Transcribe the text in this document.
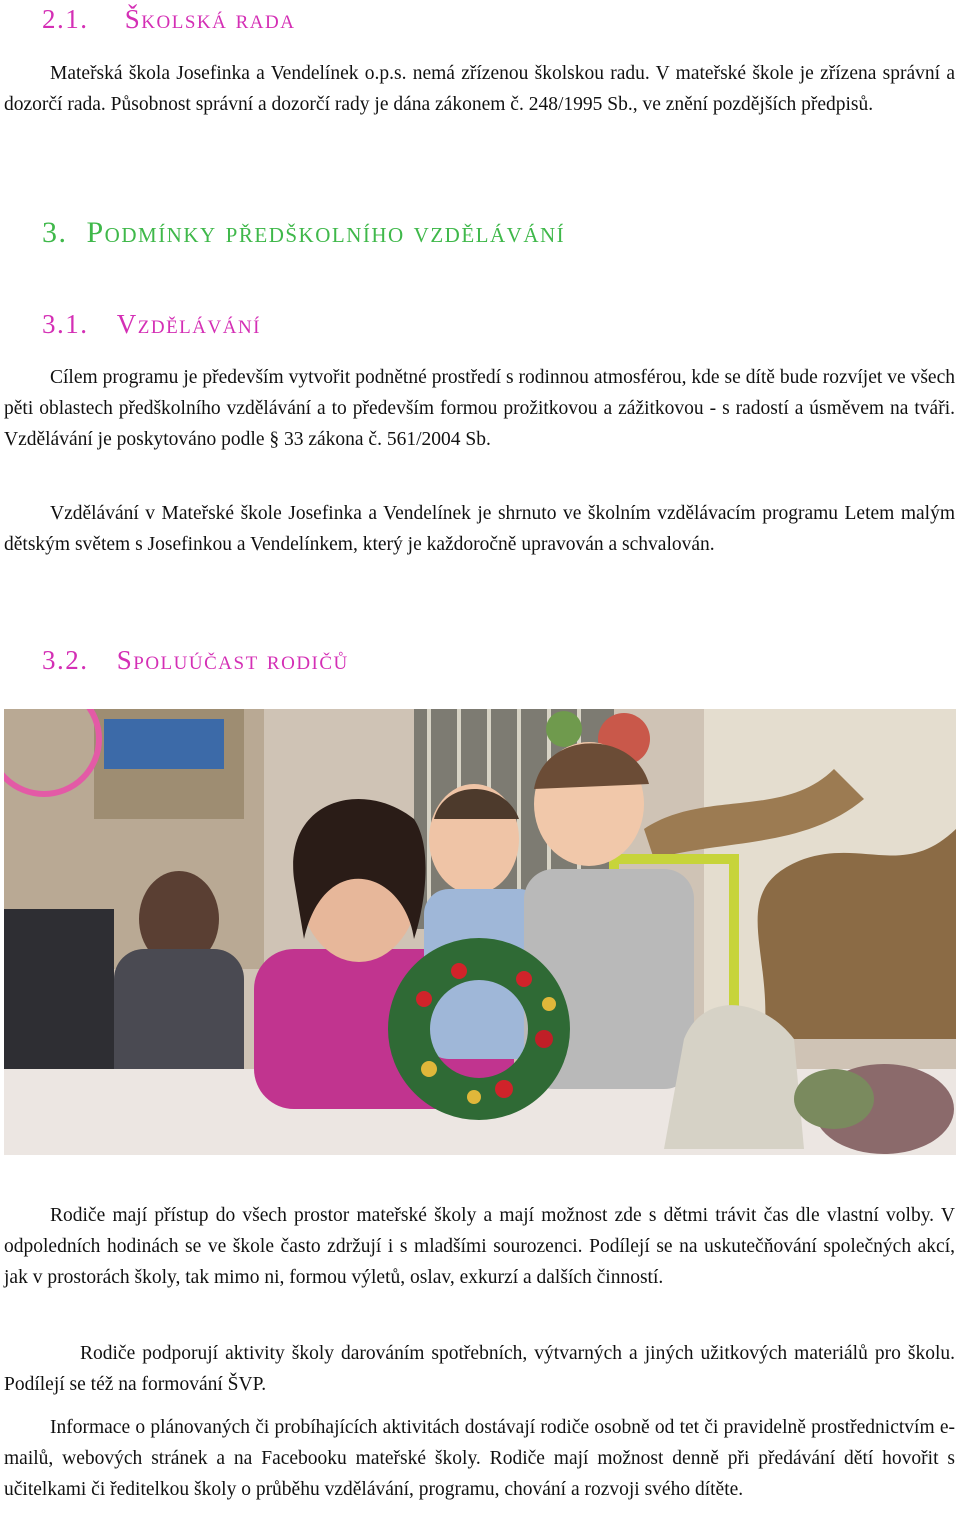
2.1. Školská rada

Mateřská škola Josefinka a Vendelínek o.p.s. nemá zřízenou školskou radu. V mateřské škole je zřízena správní a dozorčí rada. Působnost správní a dozorčí rady je dána zákonem č. 248/1995 Sb., ve znění pozdějších předpisů.

3. Podmínky předškolního vzdělávání
3.1. Vzdělávání

Cílem programu je především vytvořit podnětné prostředí s rodinnou atmosférou, kde se dítě bude rozvíjet ve všech pěti oblastech předškolního vzdělávání a to především formou prožitkovou a zážitkovou - s radostí a úsměvem na tváři. Vzdělávání je poskytováno podle § 33 zákona č. 561/2004 Sb.

Vzdělávání v Mateřské škole Josefinka a Vendelínek je shrnuto ve školním vzdělávacím programu Letem malým dětským světem s Josefinkou a Vendelínkem, který je každoročně upravován a schvalován.

3.2. Spoluúčast rodičů

Rodiče mají přístup do všech prostor mateřské školy a mají možnost zde s dětmi trávit čas dle vlastní volby. V odpoledních hodinách se ve škole často zdržují i s mladšími sourozenci. Podílejí se na uskutečňování společných akcí, jak v prostorách školy, tak mimo ni, formou výletů, oslav, exkurzí a dalších činností.

Rodiče podporují aktivity školy darováním spotřebních, výtvarných a jiných užitkových materiálů pro školu. Podílejí se též na formování ŠVP.

Informace o plánovaných či probíhajících aktivitách dostávají rodiče osobně od tet či pravidelně prostřednictvím e-mailů, webových stránek a na Facebooku mateřské školy. Rodiče mají možnost denně při předávání dětí hovořit s učitelkami či ředitelkou školy o průběhu vzdělávání, programu, chování a rozvoji svého dítěte.
